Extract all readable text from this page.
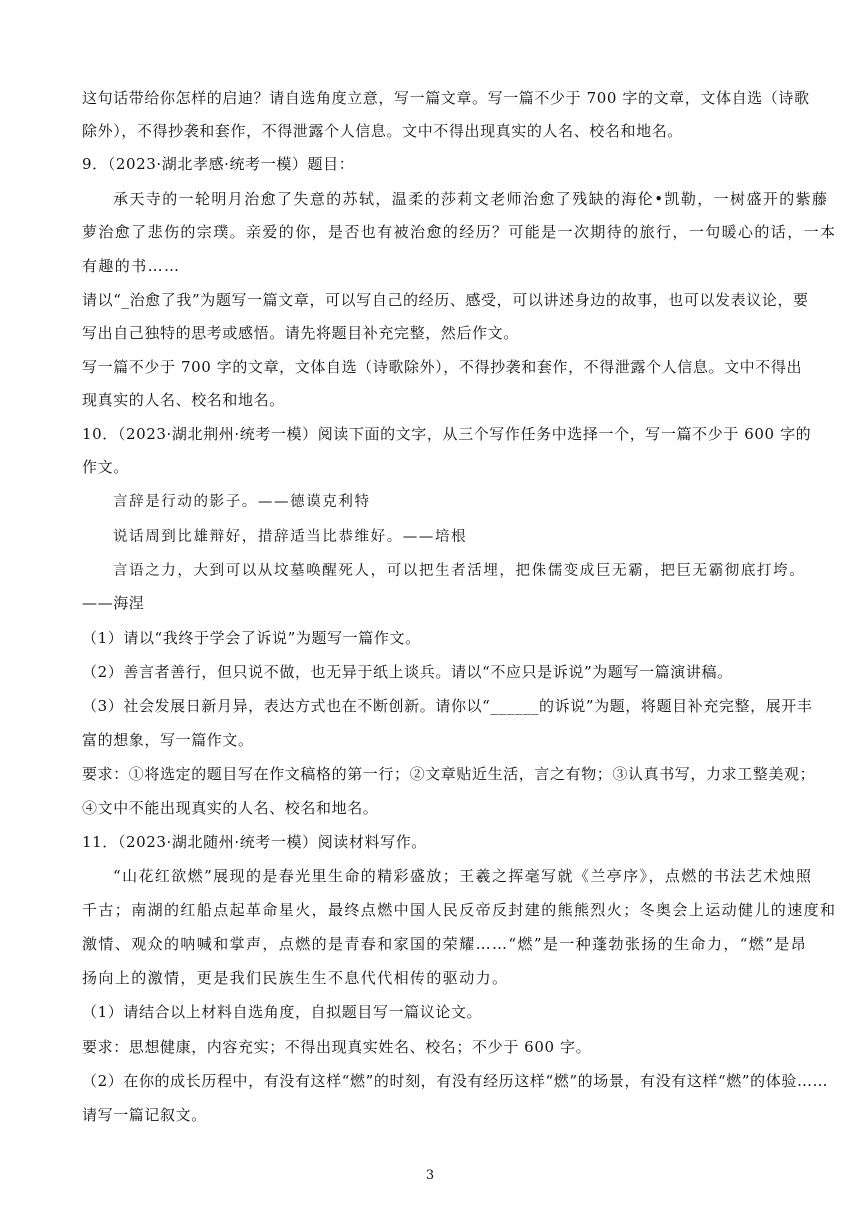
这句话带给你怎样的启迪？请自选角度立意，写一篇文章。写一篇不少于 700 字的文章，文体自选（诗歌
除外），不得抄袭和套作，不得泄露个人信息。文中不得出现真实的人名、校名和地名。
9．（2023·湖北孝感·统考一模）题目：
承天寺的一轮明月治愈了失意的苏轼，温柔的莎莉文老师治愈了残缺的海伦•凯勒，一树盛开的紫藤
萝治愈了悲伤的宗璞。亲爱的你，是否也有被治愈的经历？可能是一次期待的旅行，一句暖心的话，一本
有趣的书……
请以“_治愈了我”为题写一篇文章，可以写自己的经历、感受，可以讲述身边的故事，也可以发表议论，要
写出自己独特的思考或感悟。请先将题目补充完整，然后作文。
写一篇不少于 700 字的文章，文体自选（诗歌除外），不得抄袭和套作，不得泄露个人信息。文中不得出
现真实的人名、校名和地名。
10．（2023·湖北荆州·统考一模）阅读下面的文字，从三个写作任务中选择一个，写一篇不少于 600 字的
作文。
言辞是行动的影子。——德谟克利特
说话周到比雄辩好，措辞适当比恭维好。——培根
言语之力，大到可以从坟墓唤醒死人，可以把生者活埋，把侏儒变成巨无霸，把巨无霸彻底打垮。
——海涅
（1）请以“我终于学会了诉说”为题写一篇作文。
（2）善言者善行，但只说不做，也无异于纸上谈兵。请以“不应只是诉说”为题写一篇演讲稿。
（3）社会发展日新月异，表达方式也在不断创新。请你以“______的诉说”为题，将题目补充完整，展开丰
富的想象，写一篇作文。
要求：①将选定的题目写在作文稿格的第一行；②文章贴近生活，言之有物；③认真书写，力求工整美观；
④文中不能出现真实的人名、校名和地名。
11．（2023·湖北随州·统考一模）阅读材料写作。
“山花红欲燃”展现的是春光里生命的精彩盛放；王羲之挥毫写就《兰亭序》，点燃的书法艺术烛照
千古；南湖的红船点起革命星火，最终点燃中国人民反帝反封建的熊熊烈火；冬奥会上运动健儿的速度和
激情、观众的呐喊和掌声，点燃的是青春和家国的荣耀……“燃”是一种蓬勃张扬的生命力，“燃”是昂
扬向上的激情，更是我们民族生生不息代代相传的驱动力。
（1）请结合以上材料自选角度，自拟题目写一篇议论文。
要求：思想健康，内容充实；不得出现真实姓名、校名；不少于 600 字。
（2）在你的成长历程中，有没有这样“燃”的时刻，有没有经历这样“燃”的场景，有没有这样“燃”的体验……
请写一篇记叙文。
3
